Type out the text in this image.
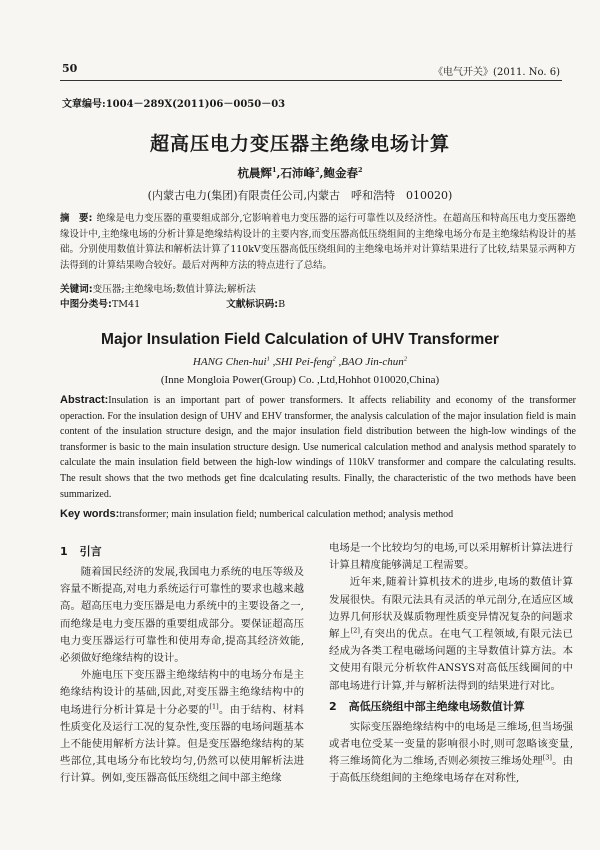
50	《电气开关》(2011. No. 6)
文章编号:1004－289X(2011)06－0050－03
超高压电力变压器主绝缘电场计算
杭晨辉$^1$,石沛峰$^2$,鲍金春$^2$
(内蒙古电力(集团)有限责任公司,内蒙古　呼和浩特　010020)
摘　要: 绝缘是电力变压器的重要组成部分,它影响着电力变压器的运行可靠性以及经济性。在超高压和特高压电力变压器绝缘设计中,主绝缘电场的分析计算是绝缘结构设计的主要内容,而变压器高低压绕组间的主绝缘电场分布是主绝缘结构设计的基础。分别使用数值计算法和解析法计算了110kV变压器高低压绕组间的主绝缘电场并对计算结果进行了比较,结果显示两种方法得到的计算结果吻合较好。最后对两种方法的特点进行了总结。
关键词:变压器;主绝缘电场;数值计算法;解析法
中图分类号:TM41	文献标识码:B
Major Insulation Field Calculation of UHV Transformer
HANG Chen-hui$^1$ ,SHI Pei-feng$^2$ ,BAO Jin-chun$^2$
(Inne Mongloia Power(Group) Co. ,Ltd,Hohhot 010020,China)
Abstract:Insulation is an important part of power transformers. It affects reliability and economy of the transformer operaction. For the insulation design of UHV and EHV transformer, the analysis calculation of the major insulation field is main content of the insulation structure design, and the major insulation field distribution between the high-low windings of the transformer is basic to the main insulation structure design. Use numerical calculation method and analysis method sparately to calculate the main insulation field between the high-low windings of 110kV transformer and compare the calculating results. The result shows that the two methods get fine dcalculating results. Finally, the characteristic of the two methods have been summarized.
Key words:transformer; main insulation field; numberical calculation method; analysis method
1 引言

随着国民经济的发展,我国电力系统的电压等级及容量不断提高,对电力系统运行可靠性的要求也越来越高。超高压电力变压器是电力系统中的主要设备之一,而绝缘是电力变压器的重要组成部分。要保证超高压电力变压器运行可靠性和使用寿命,提高其经济效能,必须做好绝缘结构的设计。

外施电压下变压器主绝缘结构中的电场分布是主绝缘结构设计的基础,因此,对变压器主绝缘结构中的电场进行分析计算是十分必要的[1]。由于结构、材料性质变化及运行工况的复杂性,变压器的电场问题基本上不能使用解析方法计算。但是变压器绝缘结构的某些部位,其电场分布比较均匀,仍然可以使用解析法进行计算。例如,变压器高低压绕组之间中部主绝缘

电场是一个比较均匀的电场,可以采用解析计算法进行计算且精度能够满足工程需要。

近年来,随着计算机技术的进步,电场的数值计算发展很快。有限元法具有灵活的单元剖分,在适应区域边界几何形状及媒质物理性质变异情况复杂的问题求解上[2],有突出的优点。在电气工程领域,有限元法已经成为各类工程电磁场问题的主导数值计算方法。本文使用有限元分析软件ANSYS对高低压线圈间的中部电场进行计算,并与解析法得到的结果进行对比。

2 高低压绕组中部主绝缘电场数值计算

实际变压器绝缘结构中的电场是三维场,但当场强或者电位受某一变量的影响很小时,则可忽略该变量,将三维场简化为二维场,否则必须按三维场处理[3]。由于高低压绕组间的主绝缘电场存在对称性,
